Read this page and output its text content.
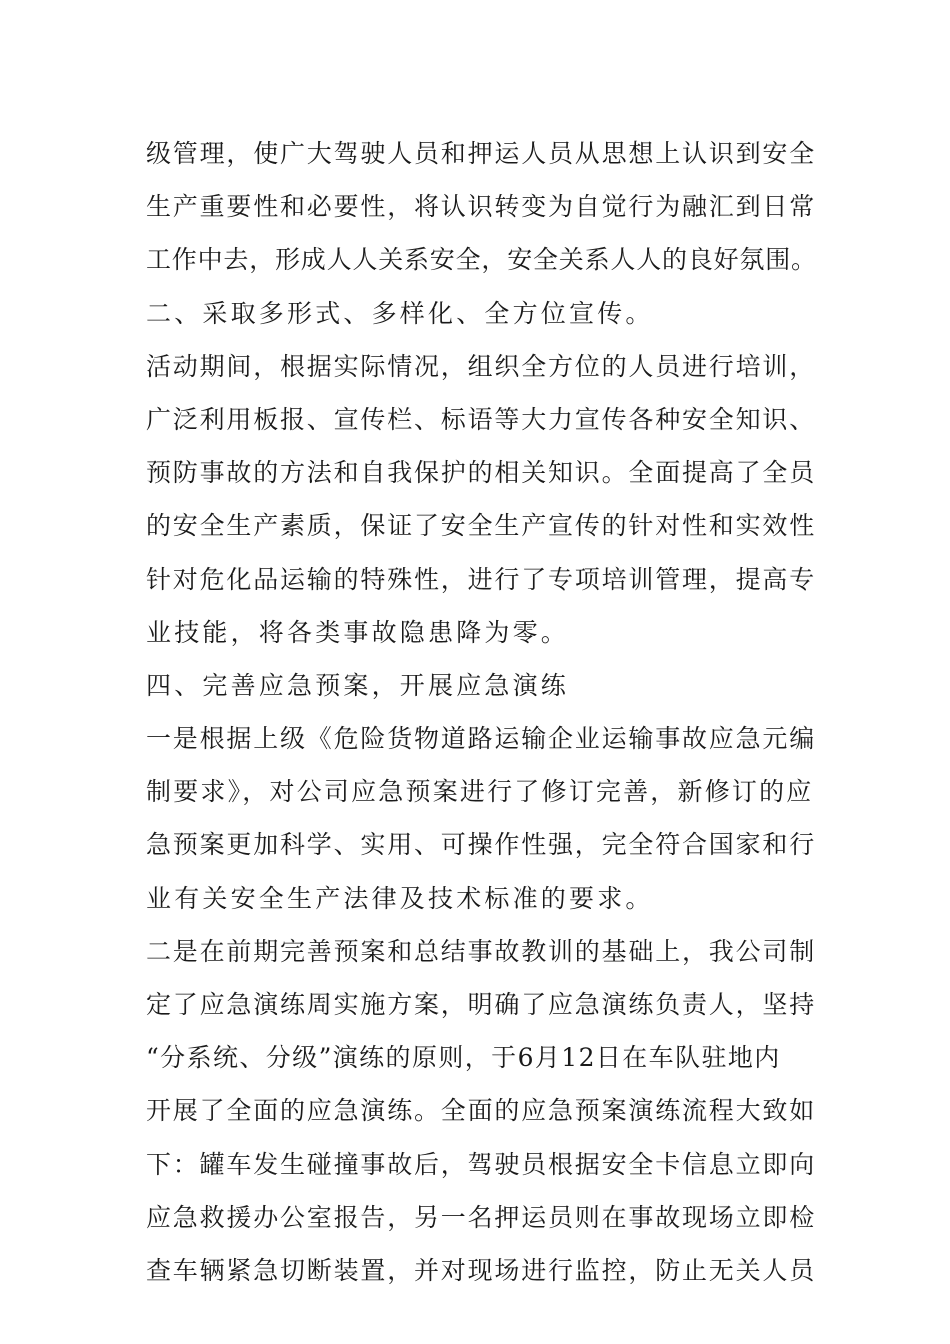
级管理，使广大驾驶人员和押运人员从思想上认识到安全
生产重要性和必要性，将认识转变为自觉行为融汇到日常
工作中去，形成人人关系安全，安全关系人人的良好氛围。
二、采取多形式、多样化、全方位宣传。
活动期间，根据实际情况，组织全方位的人员进行培训，
广泛利用板报、宣传栏、标语等大力宣传各种安全知识、
预防事故的方法和自我保护的相关知识。全面提高了全员
的安全生产素质，保证了安全生产宣传的针对性和实效性
针对危化品运输的特殊性，进行了专项培训管理，提高专
业技能，将各类事故隐患降为零。
四、完善应急预案，开展应急演练
一是根据上级《危险货物道路运输企业运输事故应急元编
制要求》，对公司应急预案进行了修订完善，新修订的应
急预案更加科学、实用、可操作性强，完全符合国家和行
业有关安全生产法律及技术标准的要求。
二是在前期完善预案和总结事故教训的基础上，我公司制
定了应急演练周实施方案，明确了应急演练负责人，坚持
“分系统、分级”演练的原则，于6月12日在车队驻地内
开展了全面的应急演练。全面的应急预案演练流程大致如
下：罐车发生碰撞事故后，驾驶员根据安全卡信息立即向
应急救援办公室报告，另一名押运员则在事故现场立即检
查车辆紧急切断装置，并对现场进行监控，防止无关人员
